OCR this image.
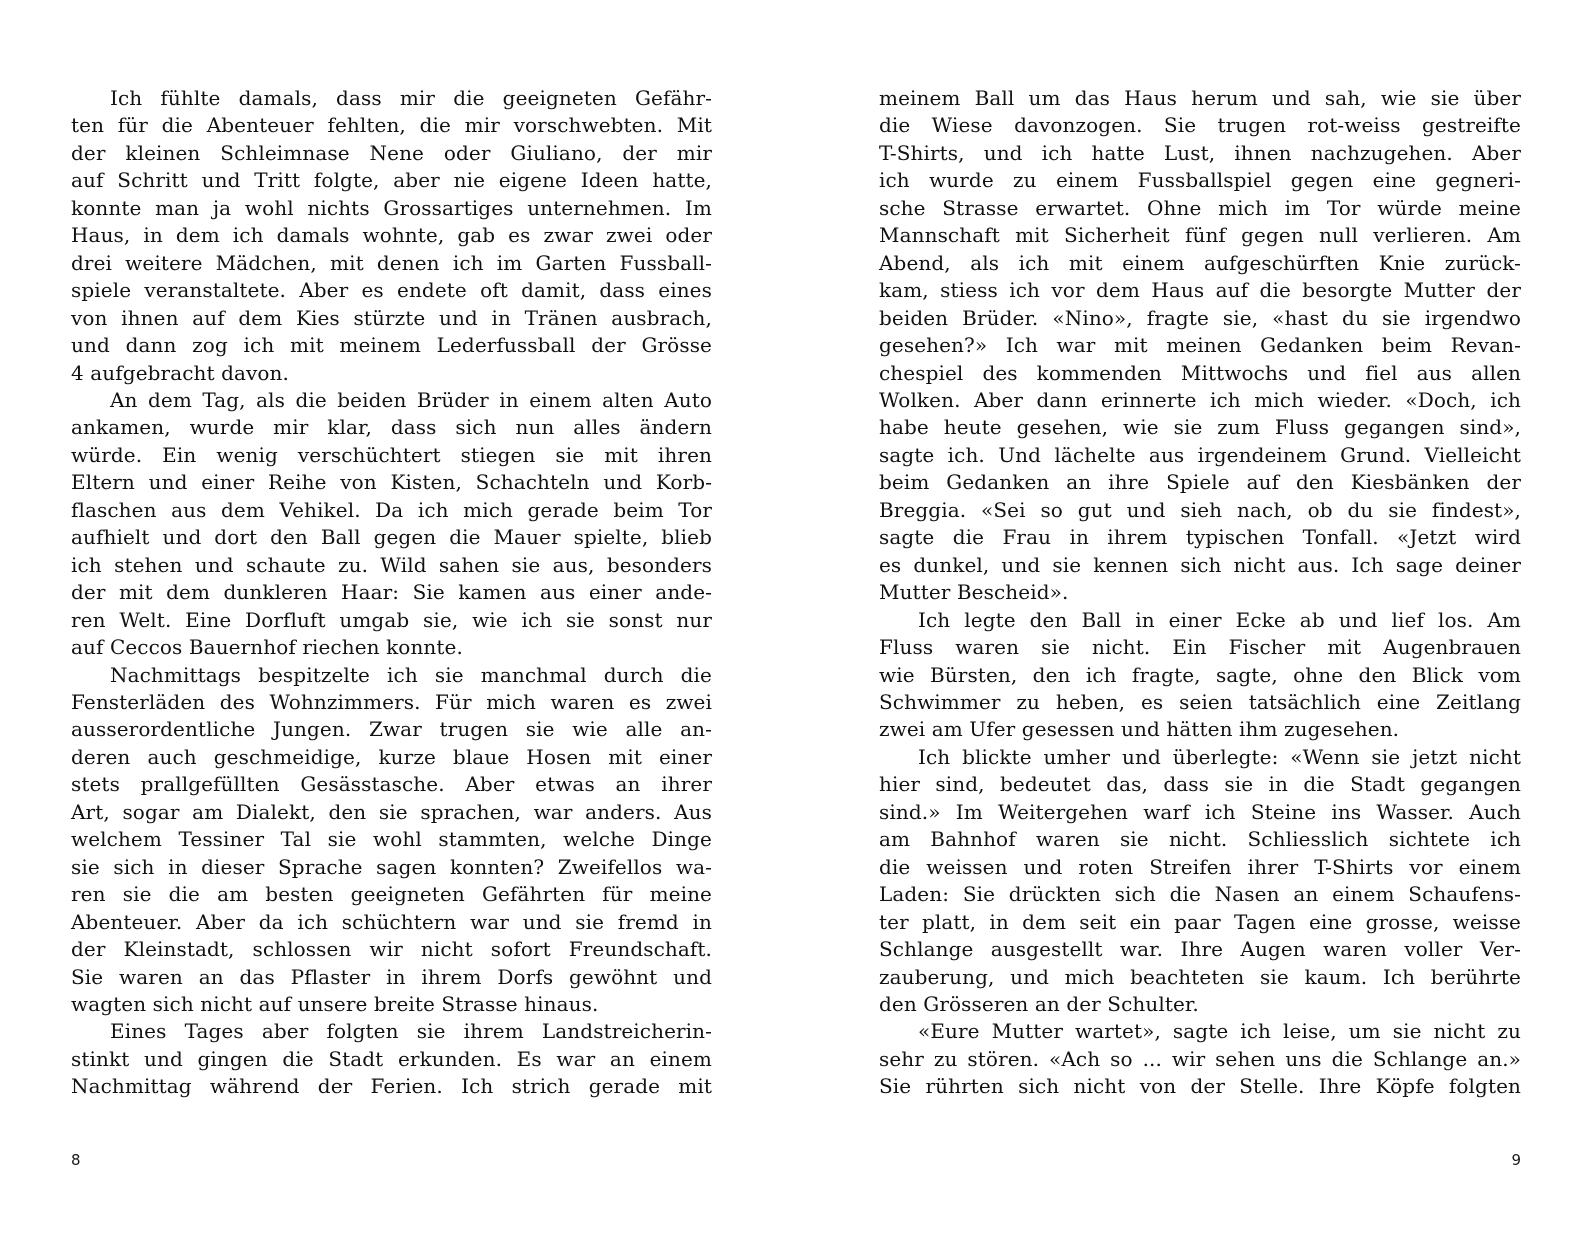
Ich fühlte damals, dass mir die geeigneten Gefähr-
ten für die Abenteuer fehlten, die mir vorschwebten. Mit
der kleinen Schleimnase Nene oder Giuliano, der mir
auf Schritt und Tritt folgte, aber nie eigene Ideen hatte,
konnte man ja wohl nichts Grossartiges unternehmen. Im
Haus, in dem ich damals wohnte, gab es zwar zwei oder
drei weitere Mädchen, mit denen ich im Garten Fussball-
spiele veranstaltete. Aber es endete oft damit, dass eines
von ihnen auf dem Kies stürzte und in Tränen ausbrach,
und dann zog ich mit meinem Lederfussball der Grösse
4 aufgebracht davon.
An dem Tag, als die beiden Brüder in einem alten Auto
ankamen, wurde mir klar, dass sich nun alles ändern
würde. Ein wenig verschüchtert stiegen sie mit ihren
Eltern und einer Reihe von Kisten, Schachteln und Korb-
flaschen aus dem Vehikel. Da ich mich gerade beim Tor
aufhielt und dort den Ball gegen die Mauer spielte, blieb
ich stehen und schaute zu. Wild sahen sie aus, besonders
der mit dem dunkleren Haar: Sie kamen aus einer ande-
ren Welt. Eine Dorfluft umgab sie, wie ich sie sonst nur
auf Ceccos Bauernhof riechen konnte.
Nachmittags bespitzelte ich sie manchmal durch die
Fensterläden des Wohnzimmers. Für mich waren es zwei
ausserordentliche Jungen. Zwar trugen sie wie alle an-
deren auch geschmeidige, kurze blaue Hosen mit einer
stets prallgefüllten Gesässtasche. Aber etwas an ihrer
Art, sogar am Dialekt, den sie sprachen, war anders. Aus
welchem Tessiner Tal sie wohl stammten, welche Dinge
sie sich in dieser Sprache sagen konnten? Zweifellos wa-
ren sie die am besten geeigneten Gefährten für meine
Abenteuer. Aber da ich schüchtern war und sie fremd in
der Kleinstadt, schlossen wir nicht sofort Freundschaft.
Sie waren an das Pflaster in ihrem Dorfs gewöhnt und
wagten sich nicht auf unsere breite Strasse hinaus.
Eines Tages aber folgten sie ihrem Landstreicherin-
stinkt und gingen die Stadt erkunden. Es war an einem
Nachmittag während der Ferien. Ich strich gerade mit
meinem Ball um das Haus herum und sah, wie sie über
die Wiese davonzogen. Sie trugen rot-weiss gestreifte
T-Shirts, und ich hatte Lust, ihnen nachzugehen. Aber
ich wurde zu einem Fussballspiel gegen eine gegneri-
sche Strasse erwartet. Ohne mich im Tor würde meine
Mannschaft mit Sicherheit fünf gegen null verlieren. Am
Abend, als ich mit einem aufgeschürften Knie zurück-
kam, stiess ich vor dem Haus auf die besorgte Mutter der
beiden Brüder. «Nino», fragte sie, «hast du sie irgendwo
gesehen?» Ich war mit meinen Gedanken beim Revan-
chespiel des kommenden Mittwochs und fiel aus allen
Wolken. Aber dann erinnerte ich mich wieder. «Doch, ich
habe heute gesehen, wie sie zum Fluss gegangen sind»,
sagte ich. Und lächelte aus irgendeinem Grund. Vielleicht
beim Gedanken an ihre Spiele auf den Kiesbänken der
Breggia. «Sei so gut und sieh nach, ob du sie findest»,
sagte die Frau in ihrem typischen Tonfall. «Jetzt wird
es dunkel, und sie kennen sich nicht aus. Ich sage deiner
Mutter Bescheid».
Ich legte den Ball in einer Ecke ab und lief los. Am
Fluss waren sie nicht. Ein Fischer mit Augenbrauen
wie Bürsten, den ich fragte, sagte, ohne den Blick vom
Schwimmer zu heben, es seien tatsächlich eine Zeitlang
zwei am Ufer gesessen und hätten ihm zugesehen.
Ich blickte umher und überlegte: «Wenn sie jetzt nicht
hier sind, bedeutet das, dass sie in die Stadt gegangen
sind.» Im Weitergehen warf ich Steine ins Wasser. Auch
am Bahnhof waren sie nicht. Schliesslich sichtete ich
die weissen und roten Streifen ihrer T-Shirts vor einem
Laden: Sie drückten sich die Nasen an einem Schaufens-
ter platt, in dem seit ein paar Tagen eine grosse, weisse
Schlange ausgestellt war. Ihre Augen waren voller Ver-
zauberung, und mich beachteten sie kaum. Ich berührte
den Grösseren an der Schulter.
«Eure Mutter wartet», sagte ich leise, um sie nicht zu
sehr zu stören. «Ach so ... wir sehen uns die Schlange an.»
Sie rührten sich nicht von der Stelle. Ihre Köpfe folgten
8	9
